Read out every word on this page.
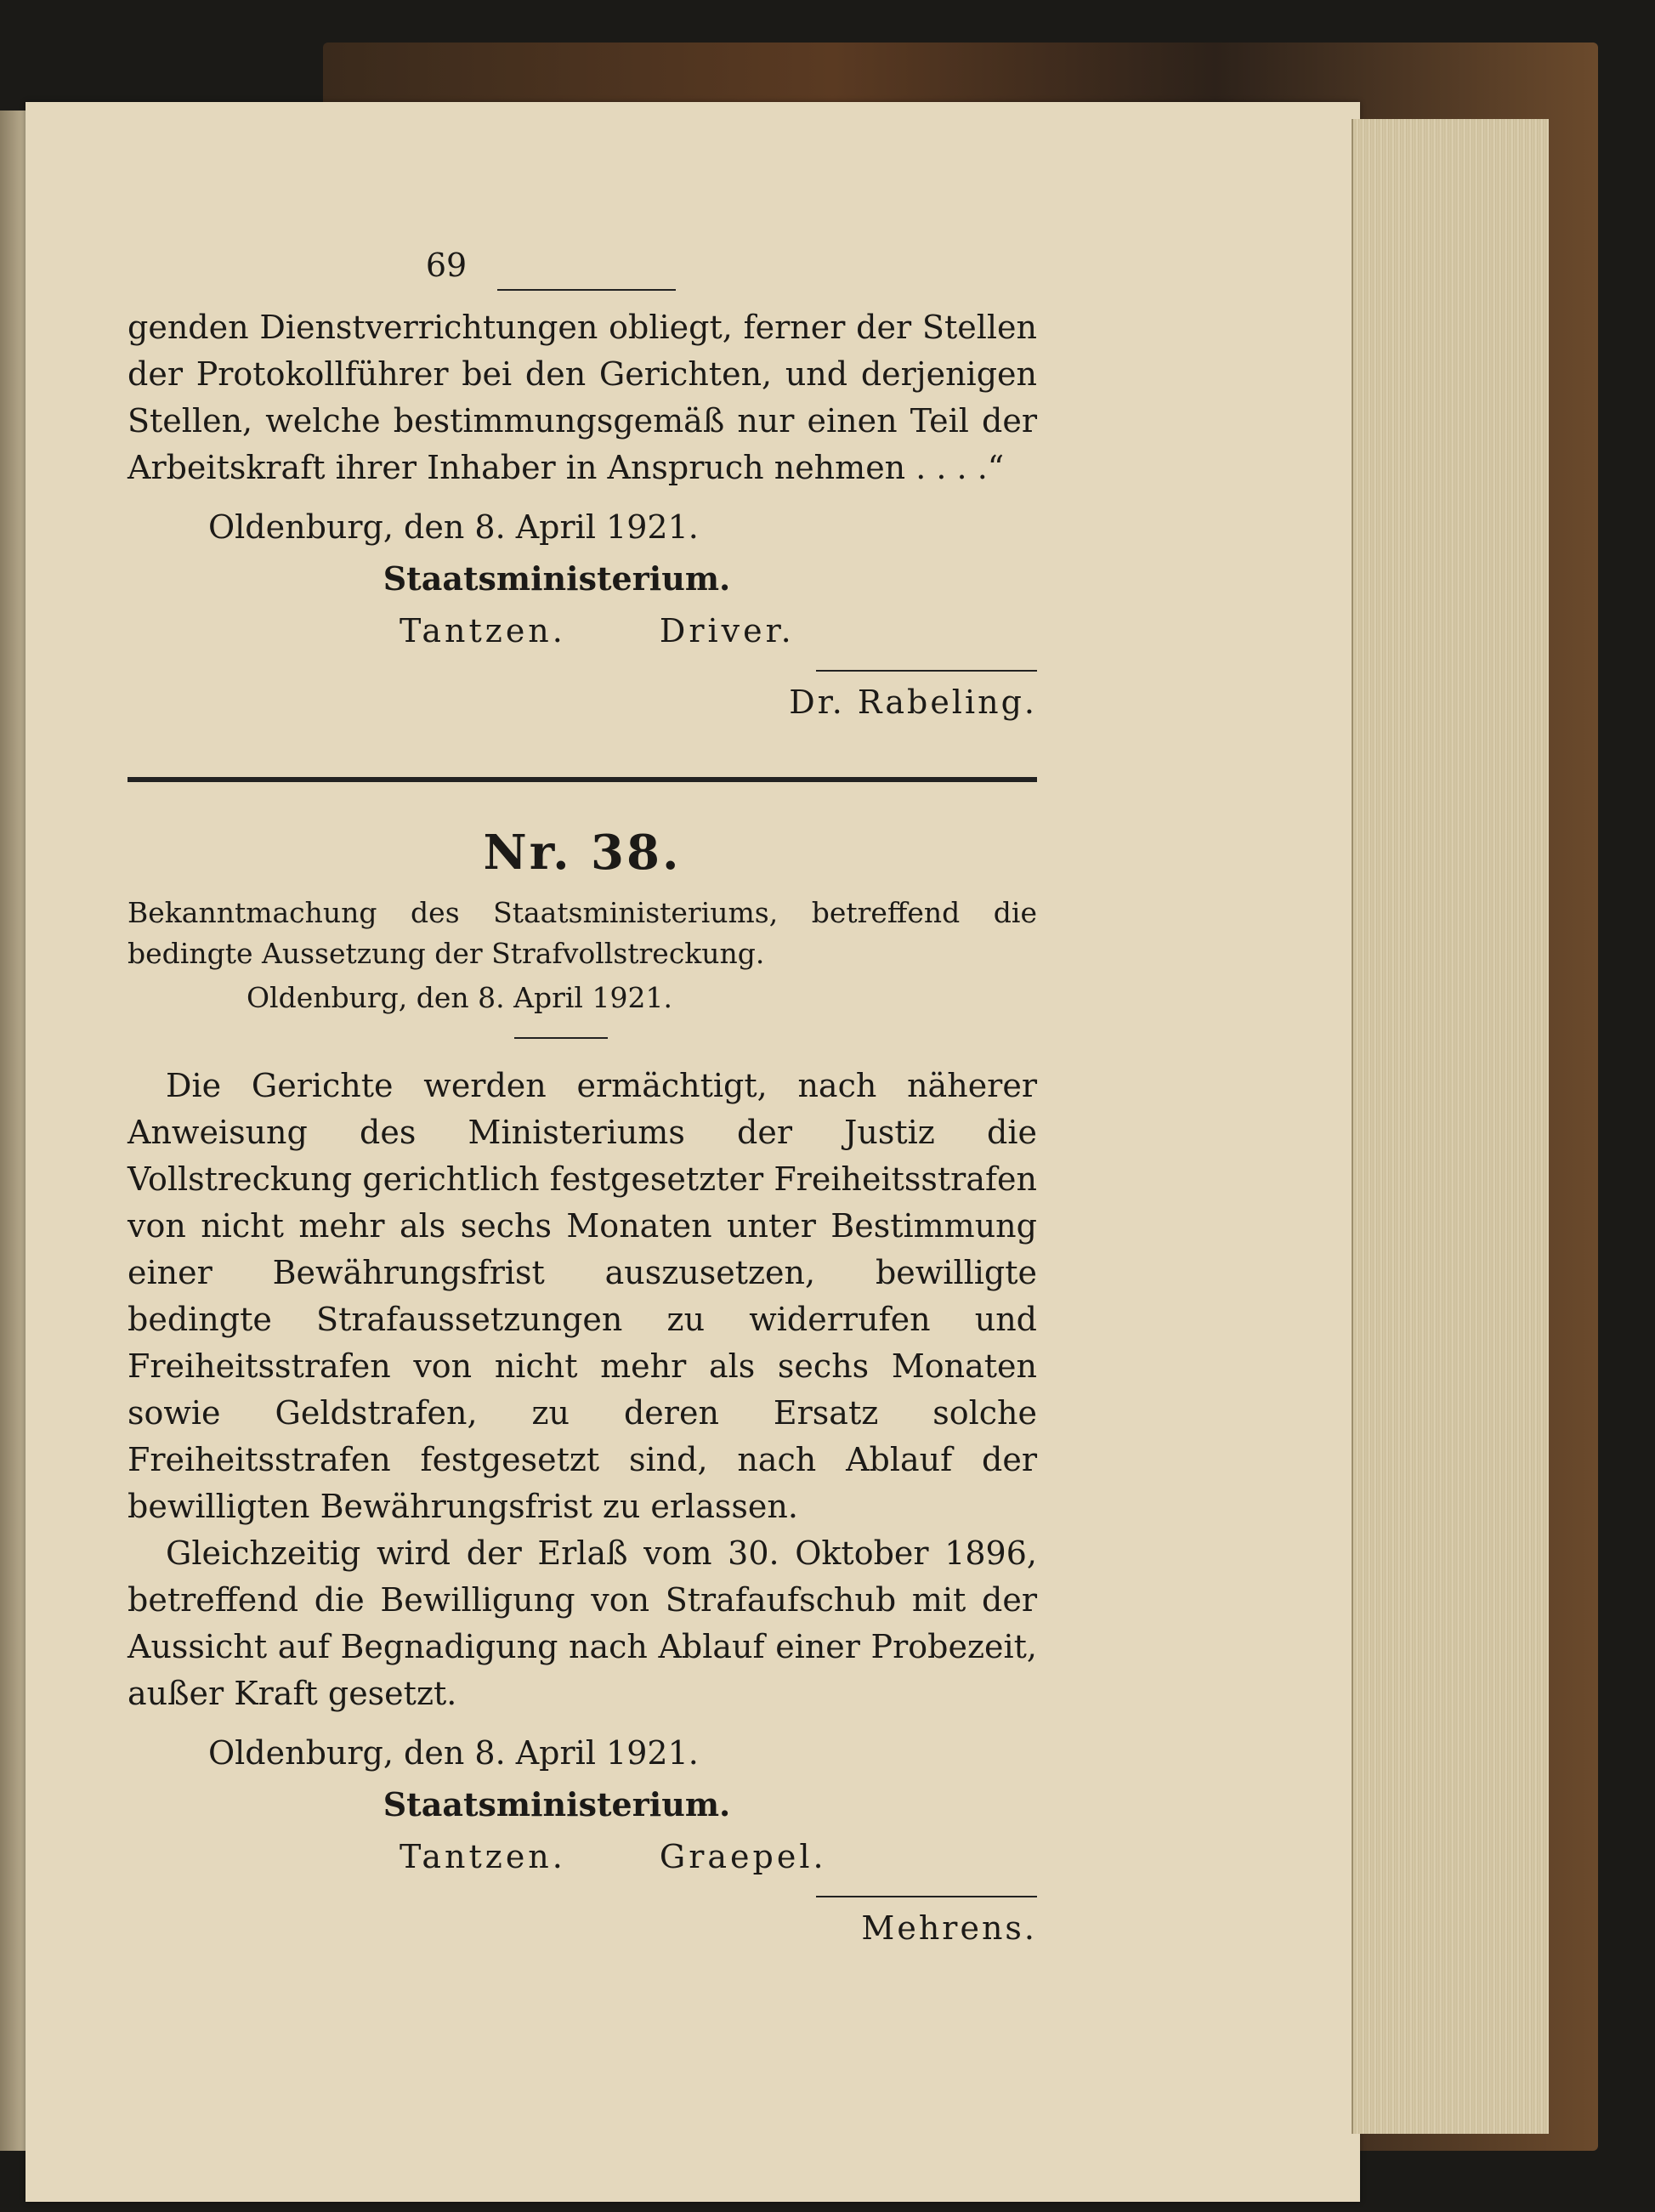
69

genden Dienstverrichtungen obliegt, ferner der Stellen der Protokollführer bei den Gerichten, und derjenigen Stellen, welche bestimmungsgemäß nur einen Teil der Arbeitskraft ihrer Inhaber in Anspruch nehmen . . . .“

Oldenburg, den 8. April 1921.
Staatsministerium.
Tantzen.	Driver.
Dr. Rabeling.
Nr. 38.

Bekanntmachung des Staatsministeriums, betreffend die bedingte Aussetzung der Strafvollstreckung.

Oldenburg, den 8. April 1921.

Die Gerichte werden ermächtigt, nach näherer Anweisung des Ministeriums der Justiz die Vollstreckung gerichtlich festgesetzter Freiheitsstrafen von nicht mehr als sechs Monaten unter Bestimmung einer Bewährungsfrist auszusetzen, bewilligte bedingte Strafaussetzungen zu widerrufen und Freiheitsstrafen von nicht mehr als sechs Monaten sowie Geldstrafen, zu deren Ersatz solche Freiheitsstrafen festgesetzt sind, nach Ablauf der bewilligten Bewährungsfrist zu erlassen.

Gleichzeitig wird der Erlaß vom 30. Oktober 1896, betreffend die Bewilligung von Strafaufschub mit der Aussicht auf Begnadigung nach Ablauf einer Probezeit, außer Kraft gesetzt.

Oldenburg, den 8. April 1921.
Staatsministerium.
Tantzen.	Graepel.
Mehrens.
